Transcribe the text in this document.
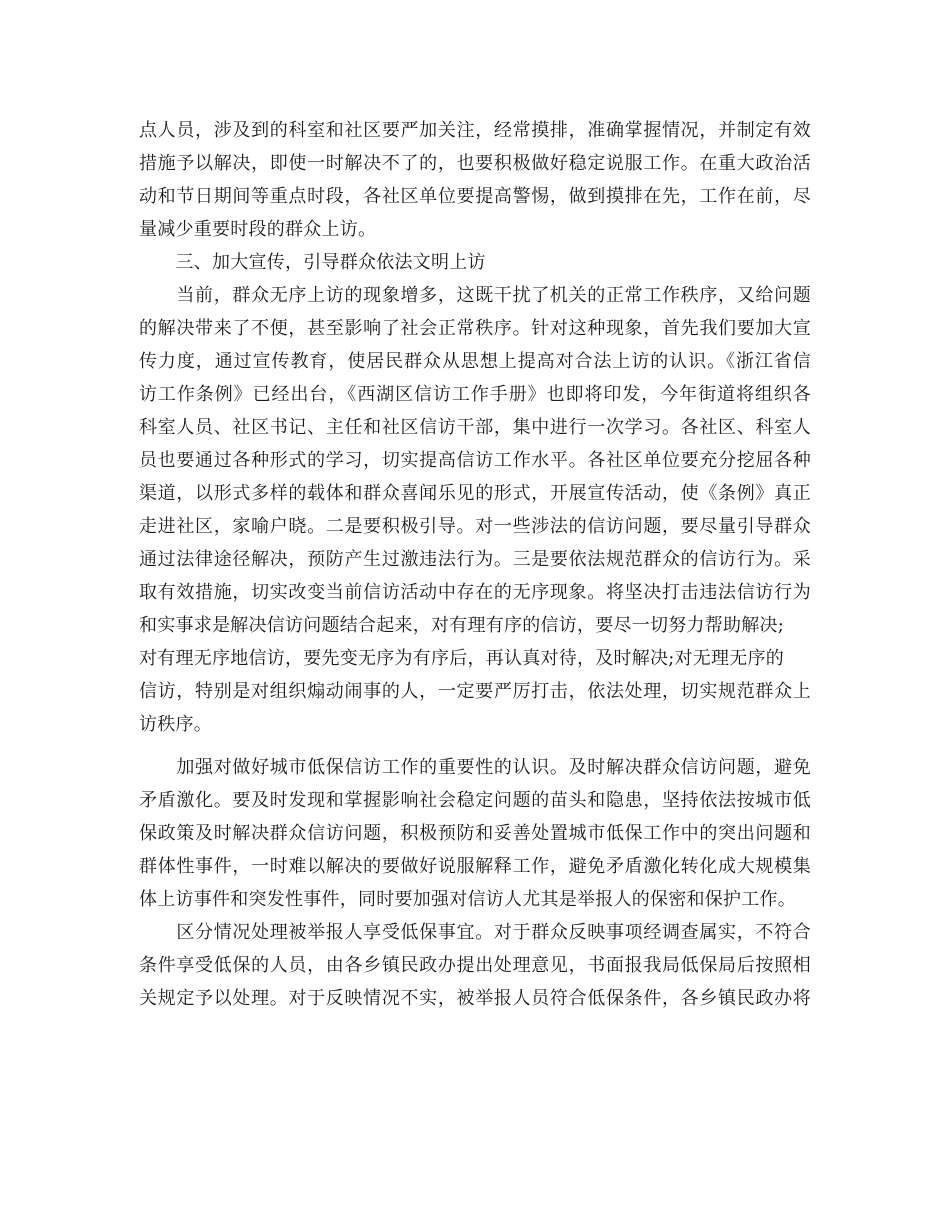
点人员，涉及到的科室和社区要严加关注，经常摸排，准确掌握情况，并制定有效
措施予以解决，即使一时解决不了的，也要积极做好稳定说服工作。在重大政治活
动和节日期间等重点时段，各社区单位要提高警惕，做到摸排在先，工作在前，尽
量减少重要时段的群众上访。
　　三、加大宣传，引导群众依法文明上访
　　当前，群众无序上访的现象增多，这既干扰了机关的正常工作秩序，又给问题
的解决带来了不便，甚至影响了社会正常秩序。针对这种现象，首先我们要加大宣
传力度，通过宣传教育，使居民群众从思想上提高对合法上访的认识。《浙江省信
访工作条例》已经出台，《西湖区信访工作手册》也即将印发，今年街道将组织各
科室人员、社区书记、主任和社区信访干部，集中进行一次学习。各社区、科室人
员也要通过各种形式的学习，切实提高信访工作水平。各社区单位要充分挖屈各种
渠道，以形式多样的载体和群众喜闻乐见的形式，开展宣传活动，使《条例》真正
走进社区，家喻户晓。二是要积极引导。对一些涉法的信访问题，要尽量引导群众
通过法律途径解决，预防产生过激违法行为。三是要依法规范群众的信访行为。采
取有效措施，切实改变当前信访活动中存在的无序现象。将坚决打击违法信访行为
和实事求是解决信访问题结合起来，对有理有序的信访，要尽一切努力帮助解决;
对有理无序地信访，要先变无序为有序后，再认真对待，及时解决;对无理无序的
信访，特别是对组织煽动闹事的人，一定要严厉打击，依法处理，切实规范群众上
访秩序。
　　加强对做好城市低保信访工作的重要性的认识。及时解决群众信访问题，避免
矛盾激化。要及时发现和掌握影响社会稳定问题的苗头和隐患，坚持依法按城市低
保政策及时解决群众信访问题，积极预防和妥善处置城市低保工作中的突出问题和
群体性事件，一时难以解决的要做好说服解释工作，避免矛盾激化转化成大规模集
体上访事件和突发性事件，同时要加强对信访人尤其是举报人的保密和保护工作。
　　区分情况处理被举报人享受低保事宜。对于群众反映事项经调查属实，不符合
条件享受低保的人员，由各乡镇民政办提出处理意见，书面报我局低保局后按照相
关规定予以处理。对于反映情况不实，被举报人员符合低保条件，各乡镇民政办将
